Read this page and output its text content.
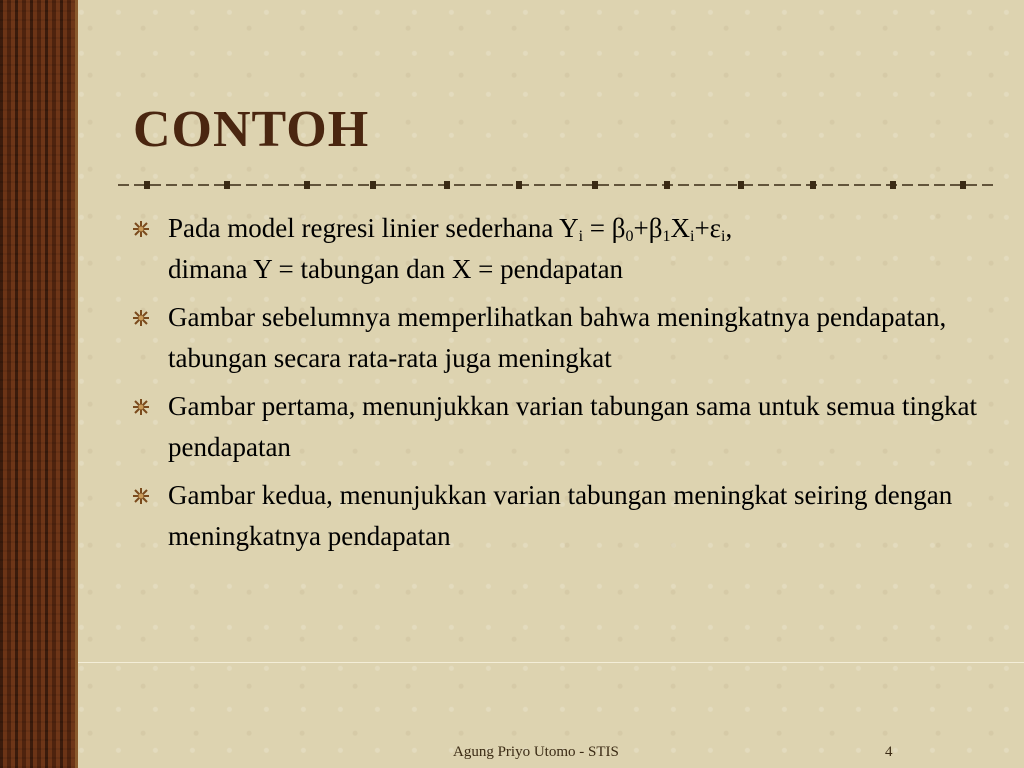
CONTOH
Pada model regresi linier sederhana $Y_i = \beta_0+\beta_1X_i+\varepsilon_i$,
dimana Y = tabungan dan X = pendapatan
Gambar sebelumnya memperlihatkan bahwa meningkatnya pendapatan, tabungan secara rata-rata juga meningkat
Gambar pertama, menunjukkan varian tabungan sama untuk semua tingkat pendapatan
Gambar kedua, menunjukkan varian tabungan meningkat seiring dengan meningkatnya pendapatan
Agung Priyo Utomo - STIS	4
